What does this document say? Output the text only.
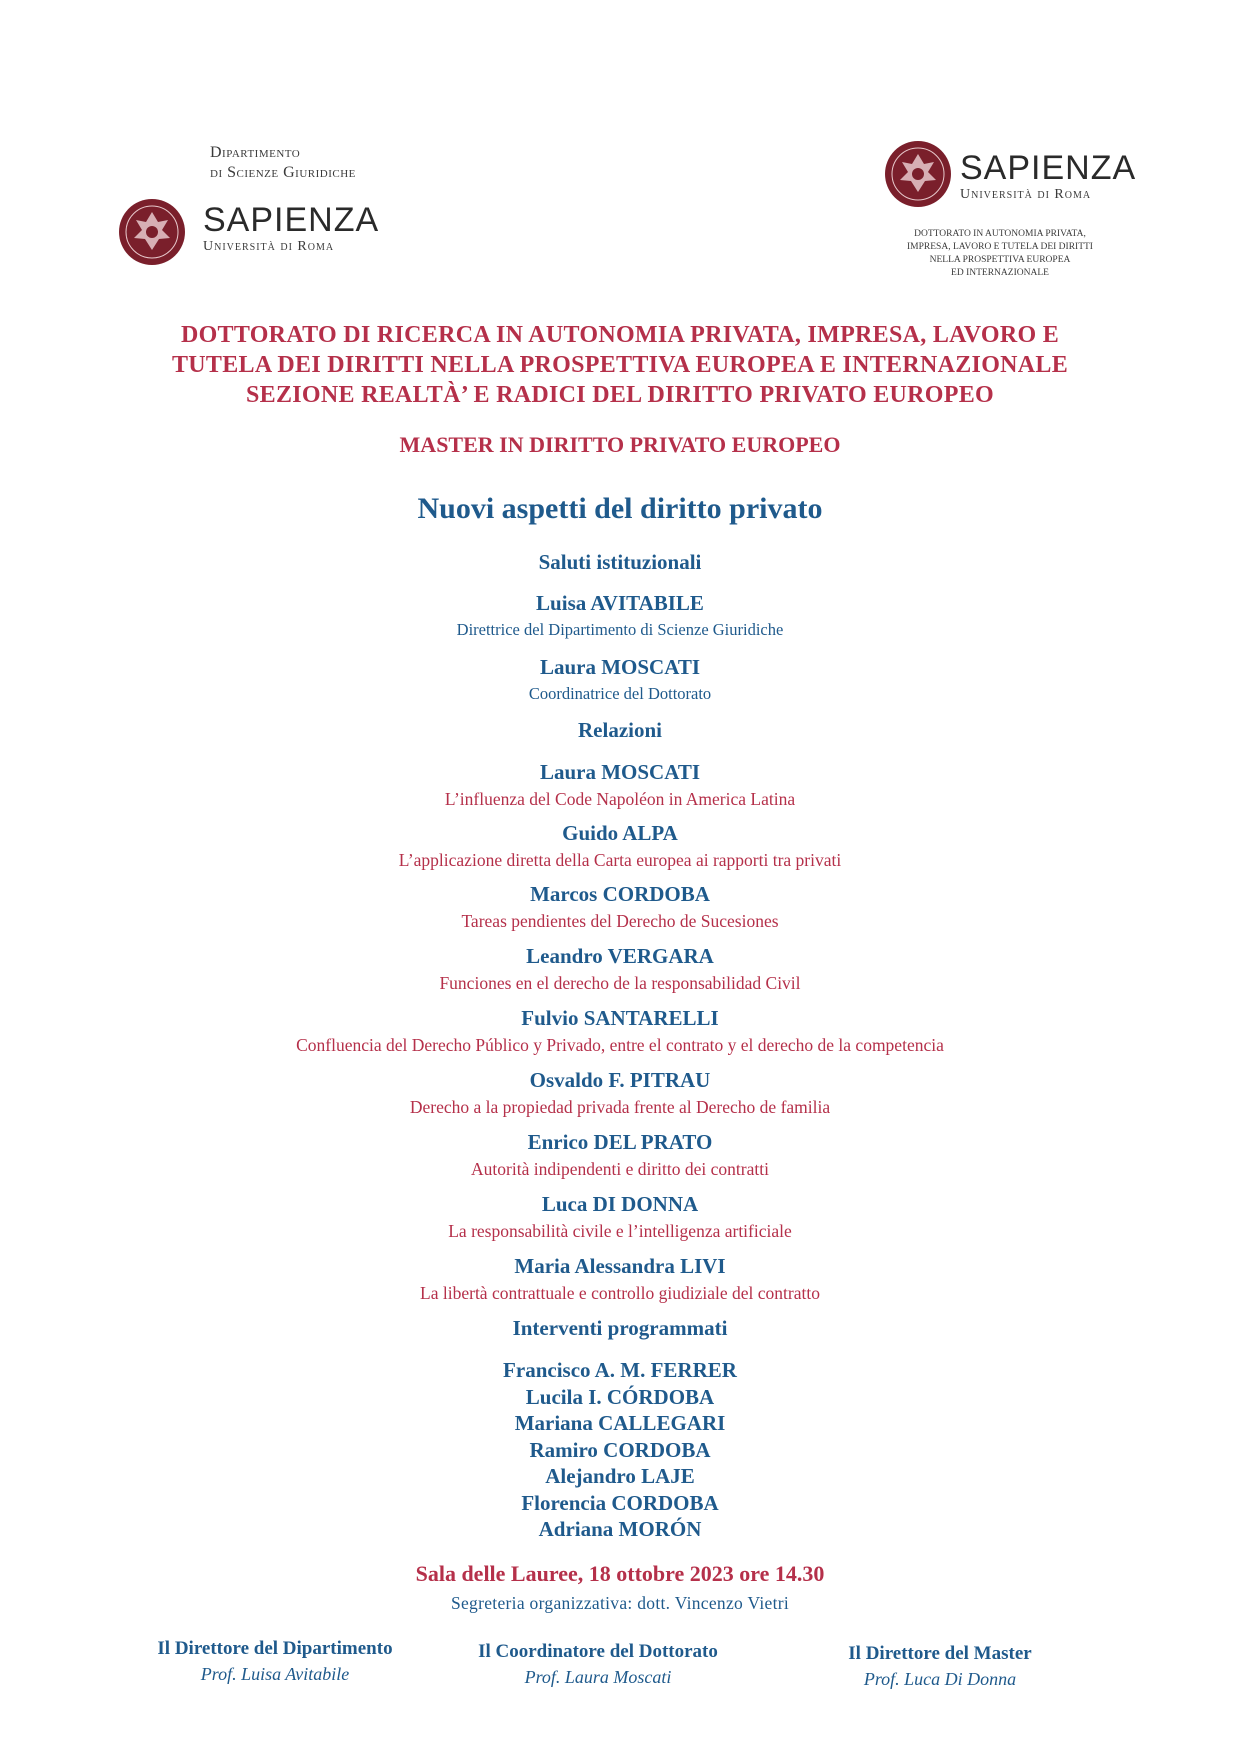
Dipartimento
di Scienze Giuridiche
SAPIENZA
Università di Roma
SAPIENZA
Università di Roma
DOTTORATO IN AUTONOMIA PRIVATA,
IMPRESA, LAVORO E TUTELA DEI DIRITTI
NELLA PROSPETTIVA EUROPEA
ED INTERNAZIONALE
DOTTORATO DI RICERCA IN AUTONOMIA PRIVATA, IMPRESA, LAVORO E
TUTELA DEI DIRITTI NELLA PROSPETTIVA EUROPEA E INTERNAZIONALE
SEZIONE REALTÀ’ E RADICI DEL DIRITTO PRIVATO EUROPEO
MASTER IN DIRITTO PRIVATO EUROPEO
Nuovi aspetti del diritto privato
Saluti istituzionali
Luisa AVITABILE
Direttrice del Dipartimento di Scienze Giuridiche
Laura MOSCATI
Coordinatrice del Dottorato
Relazioni
Laura MOSCATI
L’influenza del Code Napoléon in America Latina
Guido ALPA
L’applicazione diretta della Carta europea ai rapporti tra privati
Marcos CORDOBA
Tareas pendientes del Derecho de Sucesiones
Leandro VERGARA
Funciones en el derecho de la responsabilidad Civil
Fulvio SANTARELLI
Confluencia del Derecho Público y Privado, entre el contrato y el derecho de la competencia
Osvaldo F. PITRAU
Derecho a la propiedad privada frente al Derecho de familia
Enrico DEL PRATO
Autorità indipendenti e diritto dei contratti
Luca DI DONNA
La responsabilità civile e l’intelligenza artificiale
Maria Alessandra LIVI
La libertà contrattuale e controllo giudiziale del contratto
Interventi programmati
Francisco A. M. FERRER
Lucila I. CÓRDOBA
Mariana CALLEGARI
Ramiro CORDOBA
Alejandro LAJE
Florencia CORDOBA
Adriana MORÓN
Sala delle Lauree, 18 ottobre 2023 ore 14.30
Segreteria organizzativa: dott. Vincenzo Vietri
Il Direttore del Dipartimento
Prof. Luisa Avitabile
Il Coordinatore del Dottorato
Prof. Laura Moscati
Il Direttore del Master
Prof. Luca Di Donna
